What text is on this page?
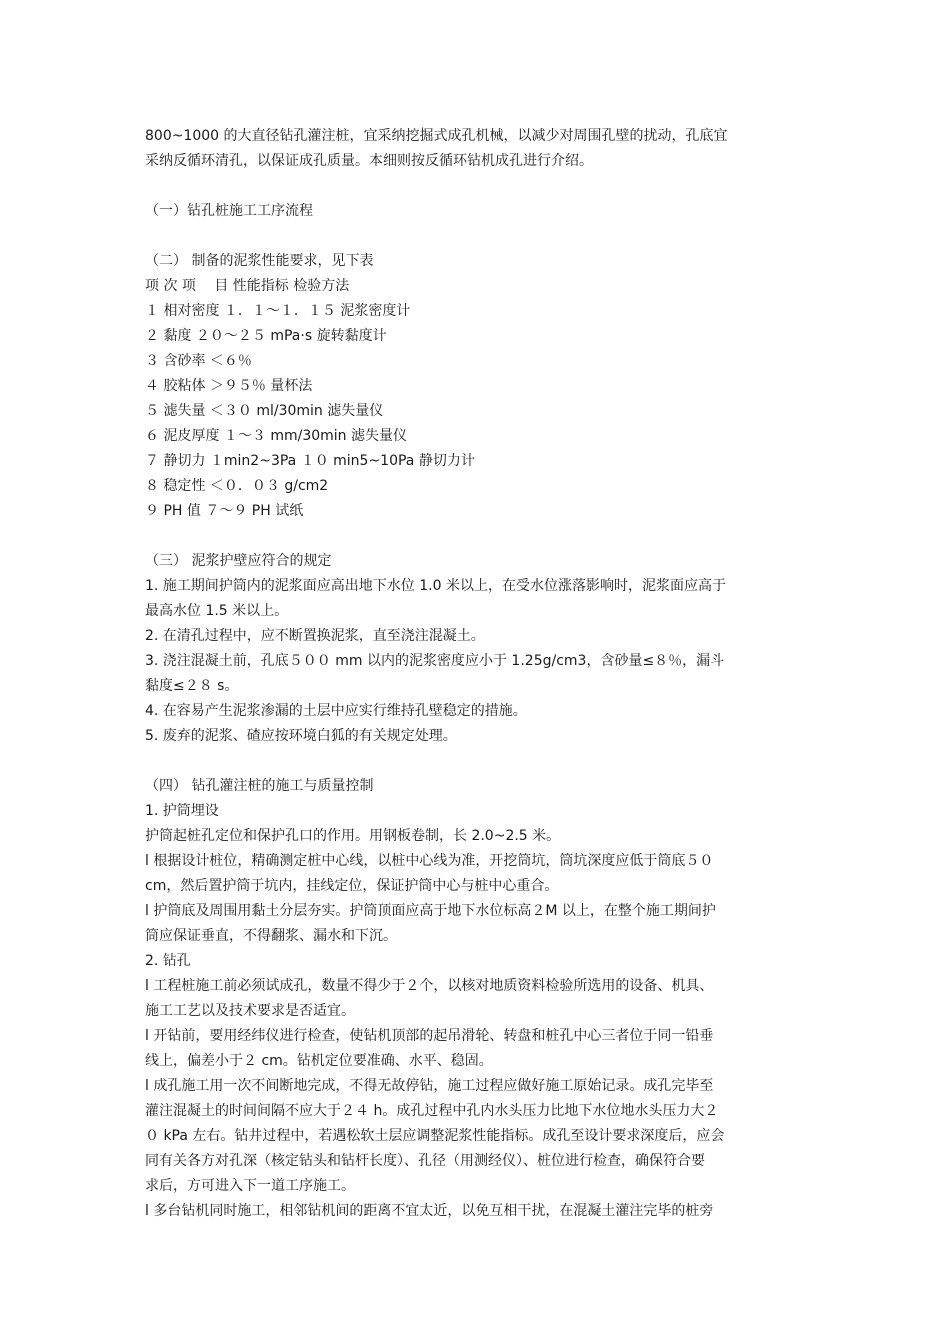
800~1000 的大直径钻孔灌注桩，宜采纳挖掘式成孔机械，以减少对周围孔壁的扰动，孔底宜
采纳反循环清孔，以保证成孔质量。本细则按反循环钻机成孔进行介绍。
（一）钻孔桩施工工序流程
（二） 制备的泥浆性能要求，见下表
项 次 项　 目 性能指标 检验方法
１ 相对密度 １．１～１．１５ 泥浆密度计
２ 黏度 ２０～２５ mPa·s 旋转黏度计
３ 含砂率 ＜６％
４ 胶粘体 ＞９５％ 量杯法
５ 滤失量 ＜３０ ml/30min 滤失量仪
６ 泥皮厚度 １～３ mm/30min 滤失量仪
７ 静切力 １min2~3Pa １０ min5~10Pa 静切力计
８ 稳定性 ＜０．０３ g/cm2
９ PH 值 ７～９ PH 试纸
（三） 泥浆护壁应符合的规定
1. 施工期间护筒内的泥浆面应高出地下水位 1.0 米以上，在受水位涨落影响时，泥浆面应高于
最高水位 1.5 米以上。
2. 在清孔过程中，应不断置换泥浆，直至浇注混凝土。
3. 浇注混凝土前，孔底５００ mm 以内的泥浆密度应小于 1.25g/cm3，含砂量≤８％，漏斗
黏度≤２８ s。
4. 在容易产生泥浆渗漏的土层中应实行维持孔壁稳定的措施。
5. 废弃的泥浆、碴应按环境白狐的有关规定处理。
（四） 钻孔灌注桩的施工与质量控制
1. 护筒埋设
护筒起桩孔定位和保护孔口的作用。用钢板卷制，长 2.0~2.5 米。
l 根据设计桩位，精确测定桩中心线，以桩中心线为准，开挖筒坑，筒坑深度应低于筒底５０
cm，然后置护筒于坑内，挂线定位，保证护筒中心与桩中心重合。
l 护筒底及周围用黏土分层夯实。护筒顶面应高于地下水位标高２M 以上，在整个施工期间护
筒应保证垂直，不得翻浆、漏水和下沉。
2. 钻孔
l 工程桩施工前必须试成孔，数量不得少于２个，以核对地质资料检验所选用的设备、机具、
施工工艺以及技术要求是否适宜。
l 开钻前，要用经纬仪进行检查，使钻机顶部的起吊滑轮、转盘和桩孔中心三者位于同一铅垂
线上，偏差小于２ cm。钻机定位要准确、水平、稳固。
l 成孔施工用一次不间断地完成，不得无故停钻，施工过程应做好施工原始记录。成孔完毕至
灌注混凝土的时间间隔不应大于２４ h。成孔过程中孔内水头压力比地下水位地水头压力大２
０ kPa 左右。钻井过程中，若遇松软土层应调整泥浆性能指标。成孔至设计要求深度后，应会
同有关各方对孔深（核定钻头和钻杆长度）、孔径（用测经仪）、桩位进行检查，确保符合要
求后，方可进入下一道工序施工。
l 多台钻机同时施工，相邻钻机间的距离不宜太近，以免互相干扰，在混凝土灌注完毕的桩旁
